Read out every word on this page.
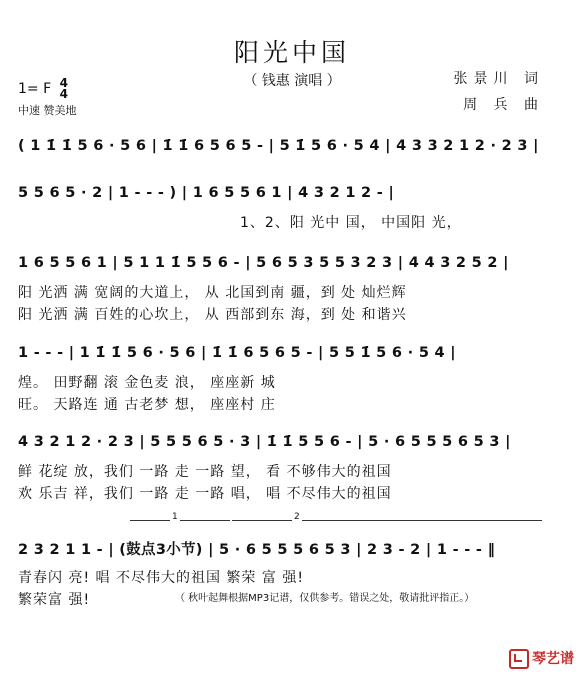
阳光中国
（ 钱惠 演唱 ）
1= F 4
4
中速 赞美地
张景川 词
周 兵 曲
( 1 1̇ 1̇ 5 6 · 5 6 | 1̇ 1̇ 6 5 6 5 - | 5 1̇ 5 6 · 5 4 | 4 3 3 2 1 2 · 2 3 |
5 5 6 5 · 2 | 1 - - - ) | 1 6 5 5 6 1 | 4 3 2 1 2 - |
1、2、阳 光中 国， 中国阳 光，
1 6 5 5 6 1 | 5 1 1 1̇ 5 5 6 - | 5 6 5 3 5 5 3 2 3 | 4 4 3 2 5 2 |
阳 光洒 满 宽阔的大道上， 从 北国到南 疆，到 处 灿烂辉
阳 光洒 满 百姓的心坎上， 从 西部到东 海，到 处 和谐兴
1 - - - | 1 1̇ 1̇ 5 6 · 5 6 | 1̇ 1̇ 6 5 6 5 - | 5 5 1̇ 5 6 · 5 4 |
煌。 田野翻 滚 金色麦 浪， 座座新 城
旺。 天路连 通 古老梦 想， 座座村 庄
4 3 2 1 2 · 2 3 | 5 5 5 6 5 · 3 | 1̇ 1̇ 5 5 6 - | 5 · 6 5 5 5 6 5 3 |
鲜 花绽 放，我们 一路 走 一路 望， 看 不够伟大的祖国
欢 乐吉 祥，我们 一路 走 一路 唱， 唱 不尽伟大的祖国
1	2
2 3 2 1 1 - | (鼓点3小节) | 5 · 6 5 5 5 6 5 3 | 2 3 - 2 | 1 - - - ‖
青春闪 亮! 唱 不尽伟大的祖国 繁荣 富 强!
繁荣富 强!	（ 秋叶起舞根据MP3记谱，仅供参考。错误之处，敬请批评指正。）
琴艺谱
